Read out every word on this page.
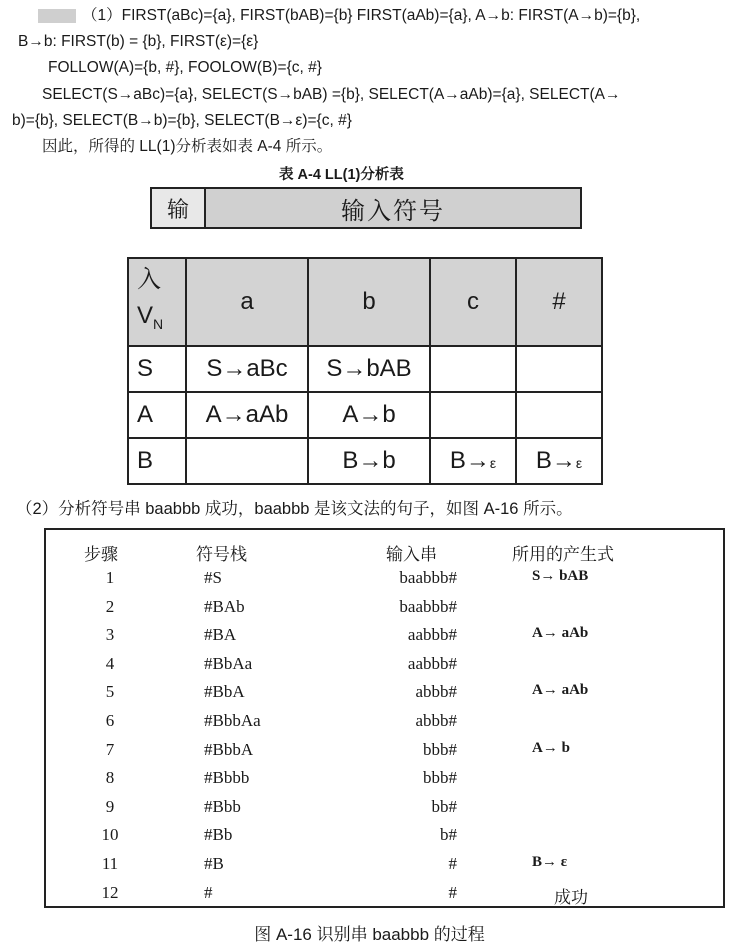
（1）FIRST(aBc)={a}, FIRST(bAB)={b} FIRST(aAb)={a}, A→b: FIRST(A→b)={b},
B→b: FIRST(b) = {b}, FIRST(ε)={ε}
FOLLOW(A)={b, #}, FOOLOW(B)={c, #}
SELECT(S→aBc)={a}, SELECT(S→bAB) ={b}, SELECT(A→aAb)={a}, SELECT(A→
b)={b}, SELECT(B→b)={b}, SELECT(B→ε)={c, #}
因此，所得的 LL(1)分析表如表 A-4 所示。
表 A-4 LL(1)分析表
输	输入符号
入
$V_N$	a	b	c	#
S	S→aBc	S→bAB		
A	A→aAb	A→b		
B		B→b	B→ε	B→ε
（2）分析符号串 baabbb 成功，baabbb 是该文法的句子，如图 A-16 所示。
步骤	符号栈	输入串	所用的产生式
1	#S	baabbb#	S→ bAB
2	#BAb	baabbb#
3	#BA	aabbb#	A→ aAb
4	#BbAa	aabbb#
5	#BbA	abbb#	A→ aAb
6	#BbbAa	abbb#
7	#BbbA	bbb#	A→ b
8	#Bbbb	bbb#
9	#Bbb	bb#
10	#Bb	b#
11	#B	#	B→ ε
12	#	#	成功
图 A-16 识别串 baabbb 的过程
